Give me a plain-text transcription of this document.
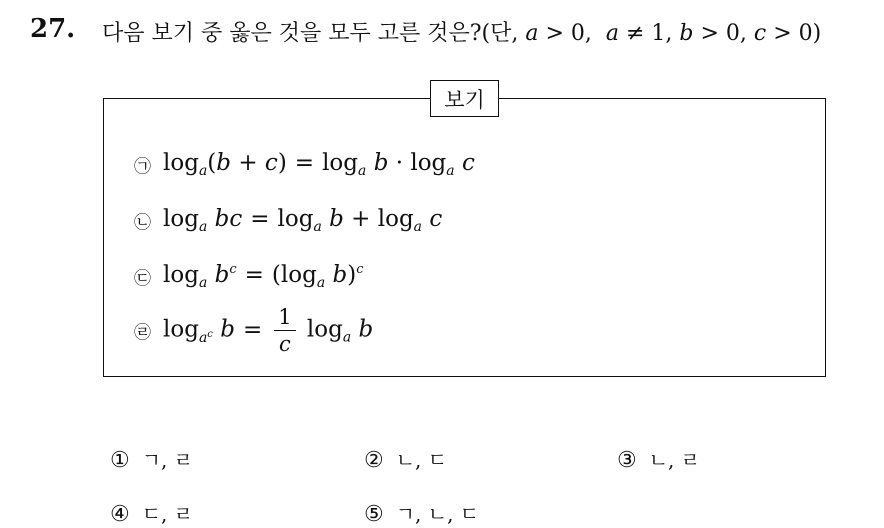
27. 다음 보기 중 옳은 것을 모두 고른 것은?(단, a > 0,  a ≠ 1, b > 0, c > 0)
보기
㉠ $\log_a(b + c) = \log_a b \cdot \log_a c$
㉡ $\log_a$ bc = $\log_a b + \log_a c$
㉢ $\log_a b^c = (\log_a$ b)$^c$
㉣ $\log_{a^c} b = \frac{1}{c} \log_a b$
① ㄱ, ㄹ	② ㄴ, ㄷ	③ ㄴ, ㄹ
④ ㄷ, ㄹ	⑤ ㄱ, ㄴ, ㄷ
